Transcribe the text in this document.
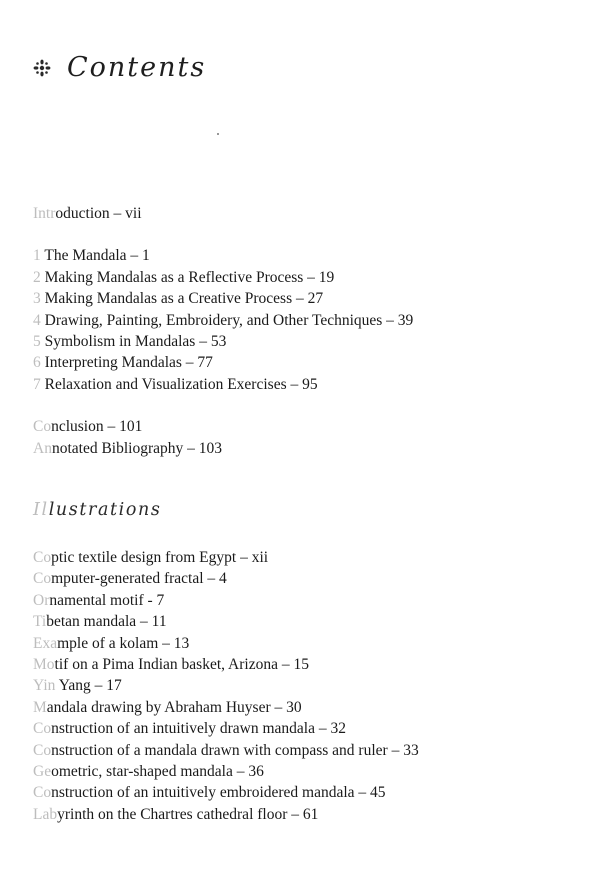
Contents
Introduction – vii
1 The Mandala – 1
2 Making Mandalas as a Reflective Process – 19
3 Making Mandalas as a Creative Process – 27
4 Drawing, Painting, Embroidery, and Other Techniques – 39
5 Symbolism in Mandalas – 53
6 Interpreting Mandalas – 77
7 Relaxation and Visualization Exercises – 95
Conclusion – 101
Annotated Bibliography – 103
Illustrations
Coptic textile design from Egypt – xii
Computer-generated fractal – 4
Ornamental motif - 7
Tibetan mandala – 11
Example of a kolam – 13
Motif on a Pima Indian basket, Arizona – 15
Yin Yang – 17
Mandala drawing by Abraham Huyser – 30
Construction of an intuitively drawn mandala – 32
Construction of a mandala drawn with compass and ruler – 33
Geometric, star-shaped mandala – 36
Construction of an intuitively embroidered mandala – 45
Labyrinth on the Chartres cathedral floor – 61
